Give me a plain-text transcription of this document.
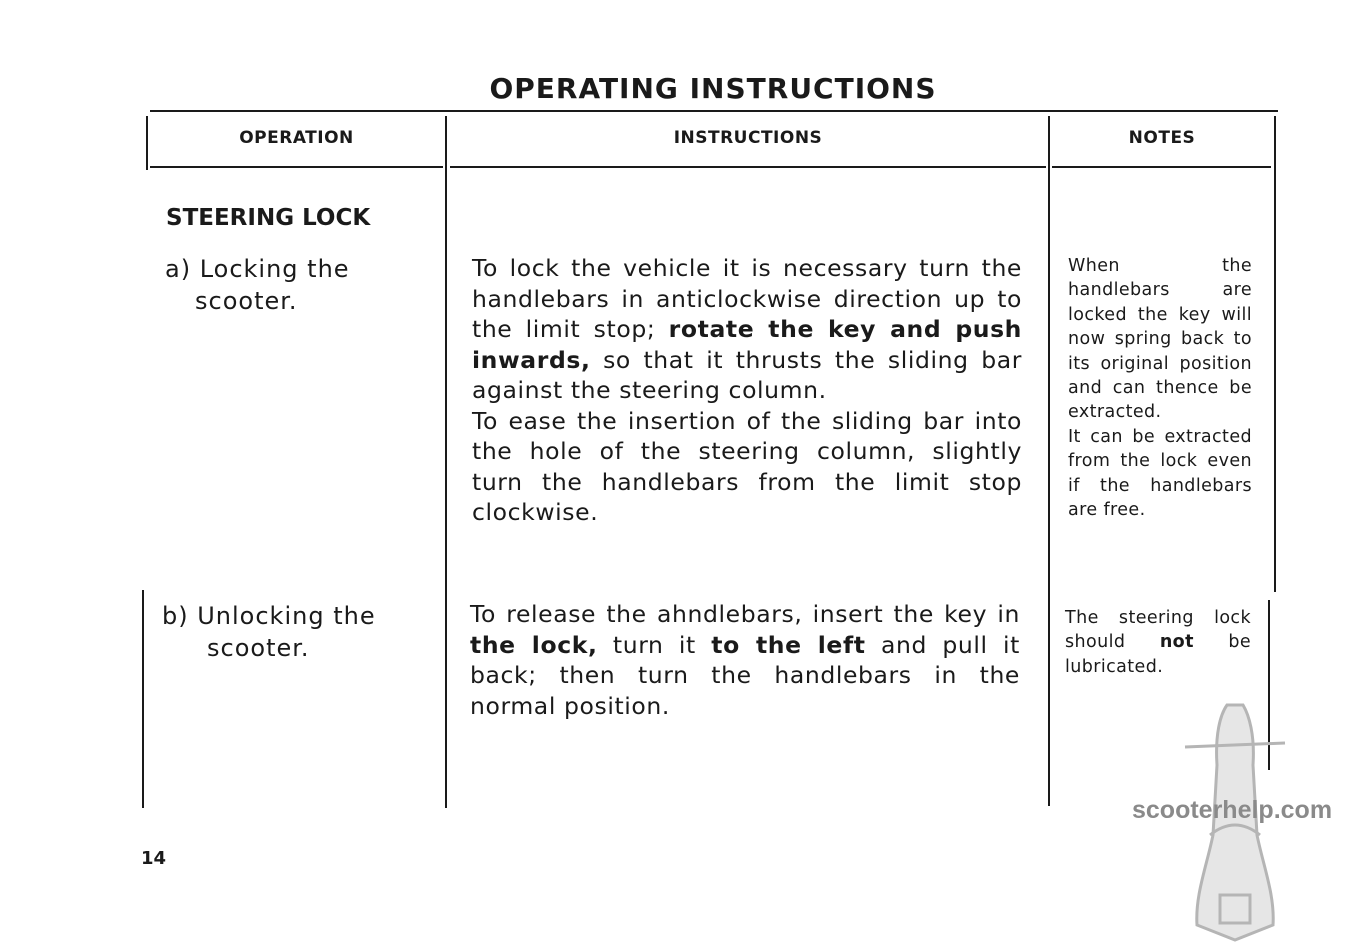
OPERATING INSTRUCTIONS
OPERATION	INSTRUCTIONS	NOTES
STEERING LOCK
a) Locking the
scooter.
To lock the vehicle it is necessary turn the handlebars in anticlockwise direction up to the limit stop; rotate the key and push inwards, so that it thrusts the sliding bar against the steering column.
To ease the insertion of the sliding bar into the hole of the steering column, slightly turn the handlebars from the limit stop clockwise.
When the handlebars are locked the key will now spring back to its original position and can thence be extracted.
It can be extracted from the lock even if the handlebars are free.
b) Unlocking the
scooter.
To release the ahndlebars, insert the key in the lock, turn it to the left and pull it back; then turn the handlebars in the normal position.
The steering lock should not be lubricated.
14
scooterhelp.com
